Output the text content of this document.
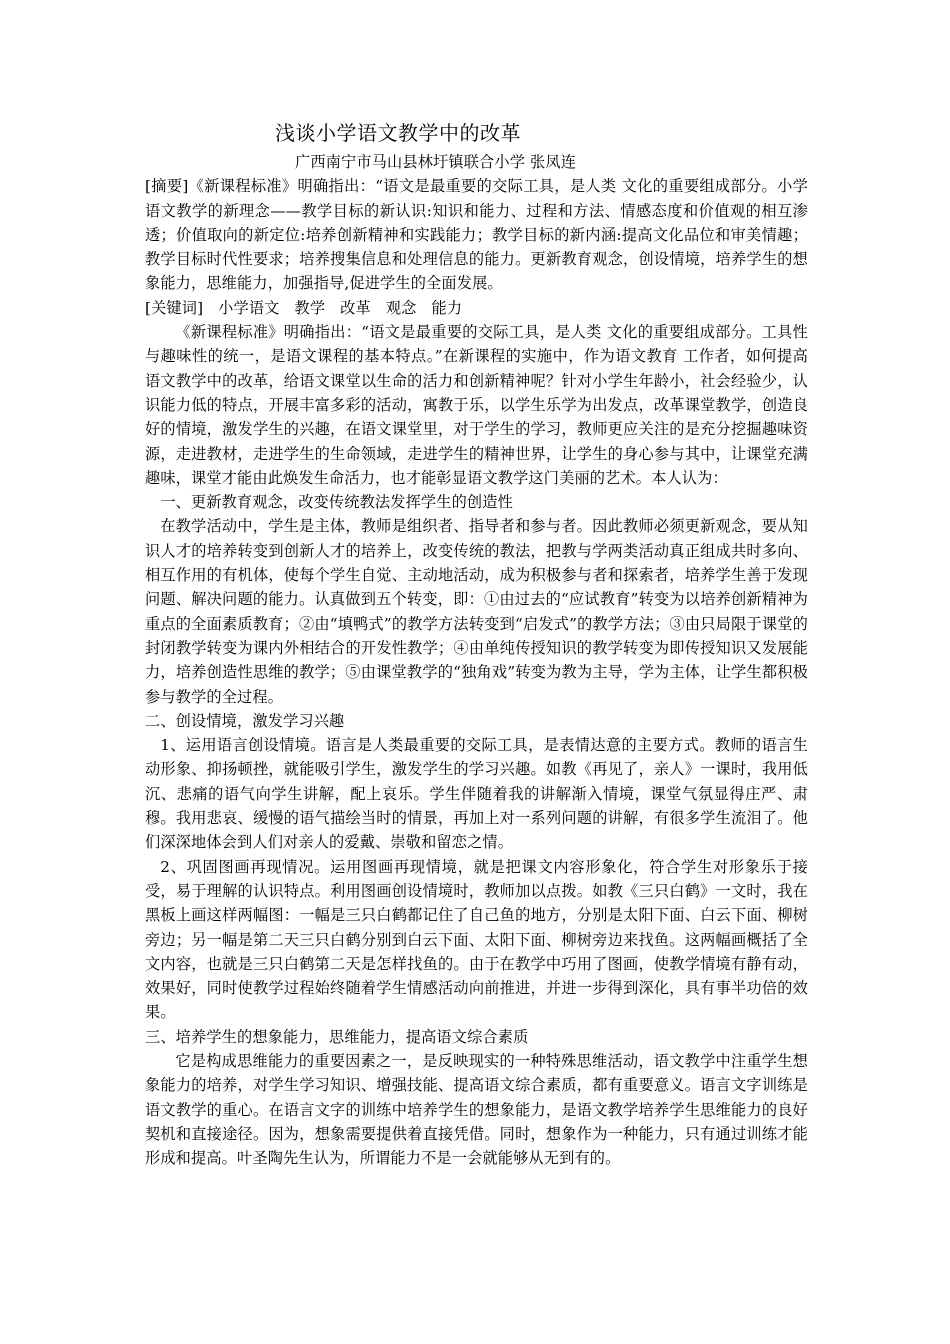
浅谈小学语文教学中的改革

广西南宁市马山县林圩镇联合小学 张凤连

[摘要]《新课程标准》明确指出：“语文是最重要的交际工具，是人类 文化的重要组成部分。小学语文教学的新理念——教学目标的新认识:知识和能力、过程和方法、情感态度和价值观的相互渗透；价值取向的新定位:培养创新精神和实践能力；教学目标的新内涵:提高文化品位和审美情趣；教学目标时代性要求；培养搜集信息和处理信息的能力。更新教育观念，创设情境，培养学生的想象能力，思维能力，加强指导,促进学生的全面发展。

[关键词] 小学语文 教学 改革 观念 能力

《新课程标准》明确指出：“语文是最重要的交际工具，是人类 文化的重要组成部分。工具性与趣味性的统一，是语文课程的基本特点。”在新课程的实施中，作为语文教育 工作者，如何提高语文教学中的改革，给语文课堂以生命的活力和创新精神呢？针对小学生年龄小，社会经验少，认识能力低的特点，开展丰富多彩的活动，寓教于乐，以学生乐学为出发点，改革课堂教学，创造良好的情境，激发学生的兴趣，在语文课堂里，对于学生的学习，教师更应关注的是充分挖掘趣味资源，走进教材，走进学生的生命领域，走进学生的精神世界，让学生的身心参与其中，让课堂充满趣味，课堂才能由此焕发生命活力，也才能彰显语文教学这门美丽的艺术。本人认为：

一、更新教育观念，改变传统教法发挥学生的创造性

在教学活动中，学生是主体，教师是组织者、指导者和参与者。因此教师必须更新观念，要从知识人才的培养转变到创新人才的培养上，改变传统的教法，把教与学两类活动真正组成共时多向、相互作用的有机体，使每个学生自觉、主动地活动，成为积极参与者和探索者，培养学生善于发现问题、解决问题的能力。认真做到五个转变，即：①由过去的“应试教育”转变为以培养创新精神为重点的全面素质教育；②由“填鸭式”的教学方法转变到“启发式”的教学方法；③由只局限于课堂的封闭教学转变为课内外相结合的开发性教学；④由单纯传授知识的教学转变为即传授知识又发展能力，培养创造性思维的教学；⑤由课堂教学的“独角戏”转变为教为主导，学为主体，让学生都积极参与教学的全过程。

二、创设情境，激发学习兴趣

1、运用语言创设情境。语言是人类最重要的交际工具，是表情达意的主要方式。教师的语言生动形象、抑扬顿挫，就能吸引学生，激发学生的学习兴趣。如教《再见了，亲人》一课时，我用低沉、悲痛的语气向学生讲解，配上哀乐。学生伴随着我的讲解渐入情境，课堂气氛显得庄严、肃穆。我用悲哀、缓慢的语气描绘当时的情景，再加上对一系列问题的讲解，有很多学生流泪了。他们深深地体会到人们对亲人的爱戴、崇敬和留恋之情。

2、巩固图画再现情况。运用图画再现情境，就是把课文内容形象化，符合学生对形象乐于接受，易于理解的认识特点。利用图画创设情境时，教师加以点拨。如教《三只白鹤》一文时，我在黑板上画这样两幅图：一幅是三只白鹤都记住了自己鱼的地方，分别是太阳下面、白云下面、柳树旁边；另一幅是第二天三只白鹤分别到白云下面、太阳下面、柳树旁边来找鱼。这两幅画概括了全文内容，也就是三只白鹤第二天是怎样找鱼的。由于在教学中巧用了图画，使教学情境有静有动，效果好，同时使教学过程始终随着学生情感活动向前推进，并进一步得到深化，具有事半功倍的效果。

三、培养学生的想象能力，思维能力，提高语文综合素质

它是构成思维能力的重要因素之一，是反映现实的一种特殊思维活动，语文教学中注重学生想象能力的培养，对学生学习知识、增强技能、提高语文综合素质，都有重要意义。语言文字训练是语文教学的重心。在语言文字的训练中培养学生的想象能力，是语文教学培养学生思维能力的良好契机和直接途径。因为，想象需要提供着直接凭借。同时，想象作为一种能力，只有通过训练才能形成和提高。叶圣陶先生认为，所谓能力不是一会就能够从无到有的。
